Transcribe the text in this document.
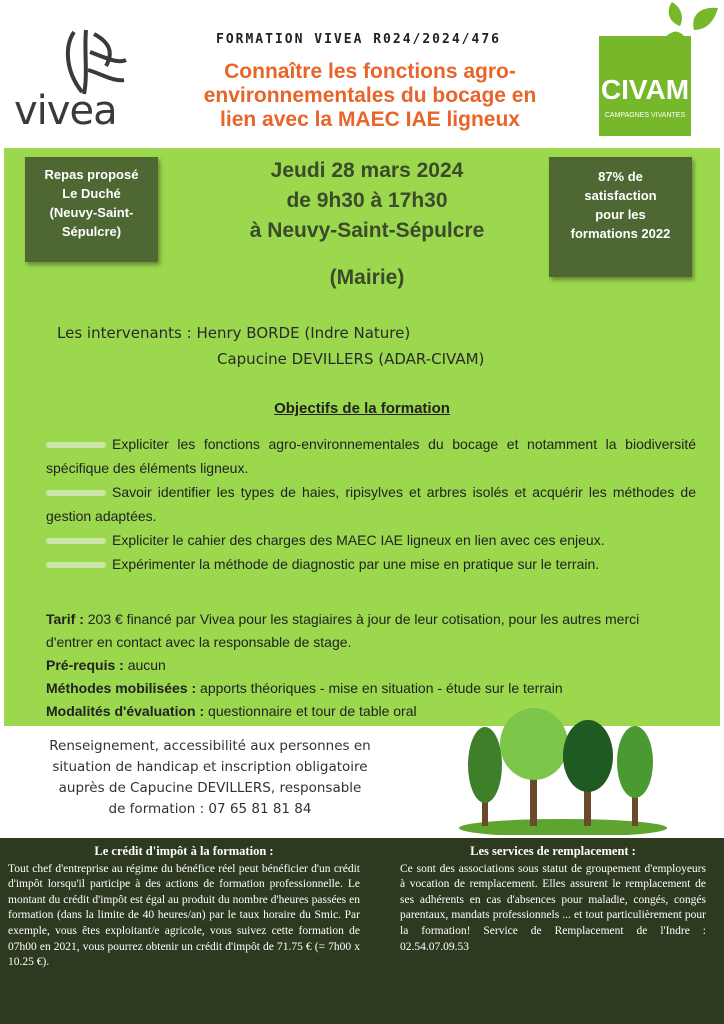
vivea
FORMATION VIVEA R024/2024/476
Connaître les fonctions agro-
environnementales du bocage en
lien avec la MAEC IAE ligneux
CIVAM
CAMPAGNES VIVANTES
Repas proposé
Le Duché
(Neuvy-Saint-
Sépulcre)
Jeudi 28 mars 2024
de 9h30 à 17h30
à Neuvy-Saint-Sépulcre
(Mairie)
87% de
satisfaction
pour les
formations 2022
Les intervenants : Henry BORDE (Indre Nature)
Capucine DEVILLERS (ADAR-CIVAM)
Objectifs de la formation
Expliciter les fonctions agro-environnementales du bocage et notamment la biodiversité spécifique des éléments ligneux.
Savoir identifier les types de haies, ripisylves et arbres isolés et acquérir les méthodes de gestion adaptées.
Expliciter le cahier des charges des MAEC IAE ligneux en lien avec ces enjeux.
Expérimenter la méthode de diagnostic par une mise en pratique sur le terrain.
Tarif : 203 € financé par Vivea pour les stagiaires à jour de leur cotisation, pour les autres merci d'entrer en contact avec la responsable de stage.
Pré-requis : aucun
Méthodes mobilisées : apports théoriques - mise en situation - étude sur le terrain
Modalités d'évaluation : questionnaire et tour de table oral
Renseignement, accessibilité aux personnes en
situation de handicap et inscription obligatoire
auprès de Capucine DEVILLERS, responsable
de formation : 07 65 81 81 84
Le crédit d'impôt à la formation :
Tout chef d'entreprise au régime du bénéfice réel peut bénéficier d'un crédit d'impôt lorsqu'il participe à des actions de formation professionnelle. Le montant du crédit d'impôt est égal au produit du nombre d'heures passées en formation (dans la limite de 40 heures/an) par le taux horaire du Smic. Par exemple, vous êtes exploitant/e agricole, vous suivez cette formation de 07h00 en 2021, vous pourrez obtenir un crédit d'impôt de 71.75 € (= 7h00 x 10.25 €).
Les services de remplacement :
Ce sont des associations sous statut de groupement d'employeurs à vocation de remplacement. Elles assurent le remplacement de ses adhérents en cas d'absences pour maladie, congés, congés parentaux, mandats professionnels ... et tout particulièrement pour la formation! Service de Remplacement de l'Indre : 02.54.07.09.53
